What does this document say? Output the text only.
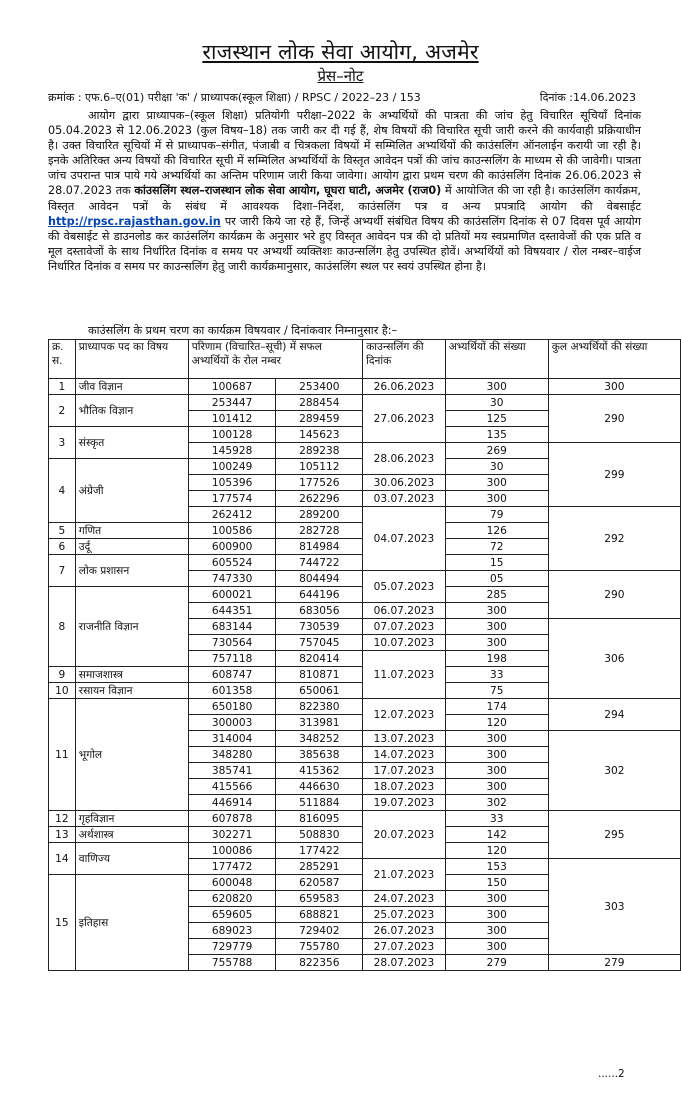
राजस्थान लोक सेवा आयोग, अजमेर
प्रेस–नोट
क्रमांक : एफ.6–ए(01) परीक्षा 'क' / प्राध्यापक(स्कूल शिक्षा) / RPSC / 2022–23 / 153	दिनांक :14.06.2023

आयोग द्वारा प्राध्यापक–(स्कूल शिक्षा) प्रतियोगी परीक्षा–2022 के अभ्यर्थियों की पात्रता की जांच हेतु विचारित सूचियाँ दिनांक 05.04.2023 से 12.06.2023 (कुल विषय–18) तक जारी कर दी गई हैं, शेष विषयों की विचारित सूची जारी करने की कार्यवाही प्रक्रियाधीन है। उक्त विचारित सूचियों में से प्राध्यापक–संगीत, पंजाबी व चित्रकला विषयों में सम्मिलित अभ्यर्थियों की काउंसलिंग ऑनलाईन करायी जा रही है। इनके अतिरिक्त अन्य विषयों की विचारित सूची में सम्मिलित अभ्यर्थियों के विस्तृत आवेदन पत्रों की जांच काउन्सलिंग के माध्यम से की जावेगी। पात्रता जांच उपरान्त पात्र पाये गये अभ्यर्थियों का अन्तिम परिणाम जारी किया जावेगा। आयोग द्वारा प्रथम चरण की काउंसलिंग दिनांक 26.06.2023 से 28.07.2023 तक कांउसलिंग स्थल–राजस्थान लोक सेवा आयोग, घूघरा घाटी, अजमेर (राज0) में आयोजित की जा रही है। काउंसलिंग कार्यक्रम, विस्तृत आवेदन पत्रों के संबंध में आवश्यक दिशा–निर्देश, काउंसलिंग पत्र व अन्य प्रपत्रादि आयोग की वेबसाईट http://rpsc.rajasthan.gov.in पर जारी किये जा रहे हैं, जिन्हें अभ्यर्थी संबंधित विषय की काउंसलिंग दिनांक से 07 दिवस पूर्व आयोग की वेबसाईट से डाउनलोड कर काउंसलिंग कार्यक्रम के अनुसार भरे हुए विस्तृत आवेदन पत्र की दो प्रतियों मय स्वप्रमाणित दस्तावेजों की एक प्रति व मूल दस्तावेजों के साथ निर्धारित दिनांक व समय पर अभ्यर्थी व्यक्तिशः काउन्सलिंग हेतु उपस्थित होवें। अभ्यर्थियों को विषयवार / रोल नम्बर–वाईज निर्धारित दिनांक व समय पर काउन्सलिंग हेतु जारी कार्यक्रमानुसार, काउंसलिंग स्थल पर स्वयं उपस्थित होना है।

काउंसलिंग के प्रथम चरण का कार्यक्रम विषयवार / दिनांकवार निम्नानुसार है:–
क्र. स.	प्राध्यापक पद का विषय	परिणाम (विचारित–सूची) में सफल अभ्यर्थियों के रोल नम्बर		काउन्सलिंग की दिनांक	अभ्यर्थियों की संख्या	कुल अभ्यर्थियों की संख्या
1	जीव विज्ञान	100687	253400	26.06.2023	300	300
2	भौतिक विज्ञान	253447	288454	27.06.2023	30	290
		101412	289459		125	
3	संस्कृत	100128	145623		135	
		145928	289238	28.06.2023	269	299
4	अंग्रेजी	100249	105112		30	
		105396	177526	30.06.2023	300	
		177574	262296	03.07.2023	300	
		262412	289200	04.07.2023	79	292
5	गणित	100586	282728		126	
6	उर्दू	600900	814984		72	
7	लोक प्रशासन	605524	744722		15	
		747330	804494	05.07.2023	05	290
8	राजनीति विज्ञान	600021	644196		285	
		644351	683056	06.07.2023	300	
		683144	730539	07.07.2023	300	306
		730564	757045	10.07.2023	300	
		757118	820414	11.07.2023	198	
9	समाजशास्त्र	608747	810871		33	
10	रसायन विज्ञान	601358	650061		75	
11	भूगोल	650180	822380	12.07.2023	174	294
		300003	313981		120	
		314004	348252	13.07.2023	300	302
		348280	385638	14.07.2023	300	
		385741	415362	17.07.2023	300	
		415566	446630	18.07.2023	300	
		446914	511884	19.07.2023	302	
12	गृहविज्ञान	607878	816095	20.07.2023	33	295
13	अर्थशास्त्र	302271	508830		142	
14	वाणिज्य	100086	177422		120	
		177472	285291	21.07.2023	153	303
15	इतिहास	600048	620587		150	
		620820	659583	24.07.2023	300	
		659605	688821	25.07.2023	300	
		689023	729402	26.07.2023	300	
		729779	755780	27.07.2023	300	
		755788	822356	28.07.2023	279	279
......2
